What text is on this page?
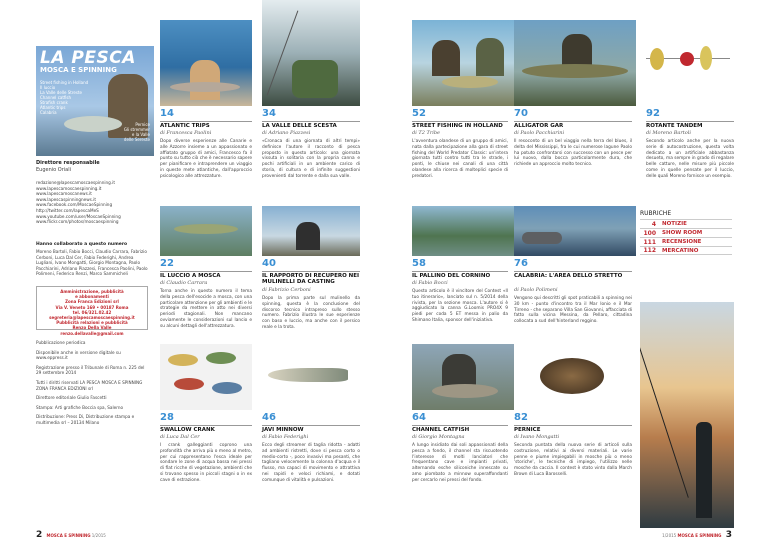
LA PESCA
MOSCA E SPINNING
Street fishing in Holland
Il luccio
La Valle delle Streste
Channel catfish
Strafish crank
Atlantic trips
Calabria
Pernice
Gli stremmer
e la Valle
delle Sereste
Direttore responsabile
Eugenio Oriali
redazione@lapescamoscaespinning.it
www.lapescamoscaespinning.it
www.lapescamoscanews.it
www.lapescaspinningnews.it
www.facebook.com/MoscaeSpinning
http://twitter.com/lapescaMeS
www.youtube.com/user/MoscaeSpinning
www.flickr.com/photos/moscaespinning
Hanno collaborato a questo numero
Moreno Bartoli, Fabio Bocci, Claudio Carrara, Fabrizio Cerboni, Luca Dal Cer, Fabio Federighi, Andrea Lugliani, Ivano Mongatti, Giorgio Montagna, Paolo Pacchiarini, Adriano Piazzesi, Francesca Paolini, Paolo Polimeni, Federico Renzi, Marco Sammicheli
Amministrazione, pubblicità
e abbonamenti
Zona Franca Edizioni srl
Via V. Veneto 169 • 00187 Roma
tel. 06/321.02.42
segreteria@lapescamoscaespinning.it
Pubblicità relazioni e pubblicità
Renzo Della Valle
renzo.dellavalle@gmail.com

Pubblicazione periodica

Disponibile anche in versione digitale su www.eppress.it

Registrazione presso il Tribunale di Roma n. 225 del 29 settembre 2014

Tutti i diritti riservati LA PESCA MOSCA E SPINNING ZONA FRANCA EDIZIONI srl

Direttore editoriale Giulio Fascetti

Stampa: Arti grafiche Boccia spa, Salerno

Distribuzione: Press Di, Distribuzione stampa e multimedia srl – 20134 Milano

14
ATLANTIC TRIPS
di Francesca Paolini
Dopo diverse esperienze alle Canarie e alle Azzorre insieme a un appassionato e affiatato gruppo di amici, Francesco fa il punto su tutto ciò che è necessario sapere per pianificare e intraprendere un viaggio in queste mete atlantiche, dall'approccio psicologico alle attrezzature.
34
LA VALLE DELLE SCESTA
di Adriano Piazzesi
«Cronaca di una giornata di altri tempi» definisce l'autore il racconto di pesca proposto in questo articolo: una giornata vissuta in solitaria con la propria canna e pochi artificiali in un ambiente carico di storia, di cultura e di infinite suggestioni provenienti dal torrente e dalla sua valle.
52
STREET FISHING IN HOLLAND
di T2 Tribe
L'avventura olandese di un gruppo di amici, nata dalla partecipazione alla gara di street fishing del World Predator Classic: un'intera giornata tutti contro tutti tra le strade, i ponti, le chiuse nei canali di una città olandese alla ricerca di molteplici specie di predatori.
70
ALLIGATOR GAR
di Paolo Pacchiarini
Il resoconto di un bel viaggio nella terra del blues, il delta del Mississippi, fra le cui numerose lagune Paolo ha potuto confrontarsi con successo con un pesce per lui nuovo, dalla bocca particolarmente dura, che richiede un approccio molto tecnico.
92
ROTANTE TANDEM
di Moreno Bartoli
Secondo articolo anche per la nuova serie di autocostruzione, questa volta dedicato a un artificiale abbastanza desueto, ma sempre in grado di regalare belle catture, nelle misure più piccole come in quelle pensate per il luccio, delle quali Moreno fornisce un esempio.
RUBRICHE
4	NOTIZIE
100	SHOW ROOM
111	RECENSIONE
112	MERCATINO
22
IL LUCCIO A MOSCA
di Claudio Carrara
Torna anche in questo numero il tema della pesca dell'esocide a mosca, con una particolare attenzione per gli ambienti e le strategie da mettere in atto nei diversi periodi stagionali. Non mancano ovviamente le considerazioni sul lancio e su alcuni dettagli dell'attrezzatura.
40
IL RAPPORTO DI RECUPERO NEI MULINELLI DA CASTING
di Fabrizio Cerboni
Dopo la prima parte sul mulinello da spinning, questa è la conclusione del discorso tecnico intrapreso sullo stesso numero. Fabrizio illustra le sue esperienze con baso e luccio, ma anche con il persico reale e la trota.
58
IL PALLINO DEL CORNINO
di Fabio Bocci
Questo articolo è il vincitore del Contest «Il tuo itinerario», lanciato sul n. 5/2014 della rivista, per la sezione mosca. L'autore si è aggiudicato la canna G.Loomis PRO4X 9 piedi per coda 5 ET messa in palio da Shimano Italia, sponsor dell'iniziativa.
76
CALABRIA: L'AREA DELLO STRETTO
di Paolo Polimeni
Vengono qui descritti gli spot praticabili a spinning nei 30 km - punto d'incontro tra il Mar Ionio e il Mar Tirreno - che separano Villa San Giovanni, affacciata di fatto sulla vicina Messina, da Pellaro, cittadina collocata a sud dell'hinterland reggino.
28
SWALLOW CRANK
di Luca Dal Cer
I crank galleggianti coprono una profondità che arriva più o meno al metro, per cui rappresentano l'esca ideale per sondare le zone di acqua bassa nei pressi di flat ricche di vegetazione, ambienti che si trovano spesso in piccoli stagni o in ex cave di estrazione.
46
JAVI MINNOW
di Fabio Federighi
Ecco degli streamer di taglia ridotta - adatti ad ambienti ristretti, dove si pesca corto o medio-corto -, poco invasivi ma pesanti, che tagliano velocemente la colonna d'acqua e il flusso, ma capaci di movimento e attrattiva nei rapidi e veloci richiami, e dotati comunque di vitalità e pulsazioni.
64
CHANNEL CATFISH
di Giorgio Montagna
A lungo insidiato dai soli appassionati della pesca a fondo, il channel sta riscuotendo l'interesse di molti lanciatori che frequentano cave e impianti privati, alternando esche siliconiche innescate su amo piombato a minnow superaffondanti per cercarlo nei pressi del fondo.
82
PERNICE
di Ivano Mongatti
Seconda puntata della nuova serie di articoli sulla costruzione, relativi ai diversi materiali. Le varie penne e piume impiegabili in mosche più o meno 'storiche', le tecniche di impiego, l'utilizzo nelle mosche da caccia. Il contest è stato vinto dalla March Brown di Luca Barosselli.
2 MOSCA E SPINNING 1/2015	1/2015 MOSCA E SPINNING 3
